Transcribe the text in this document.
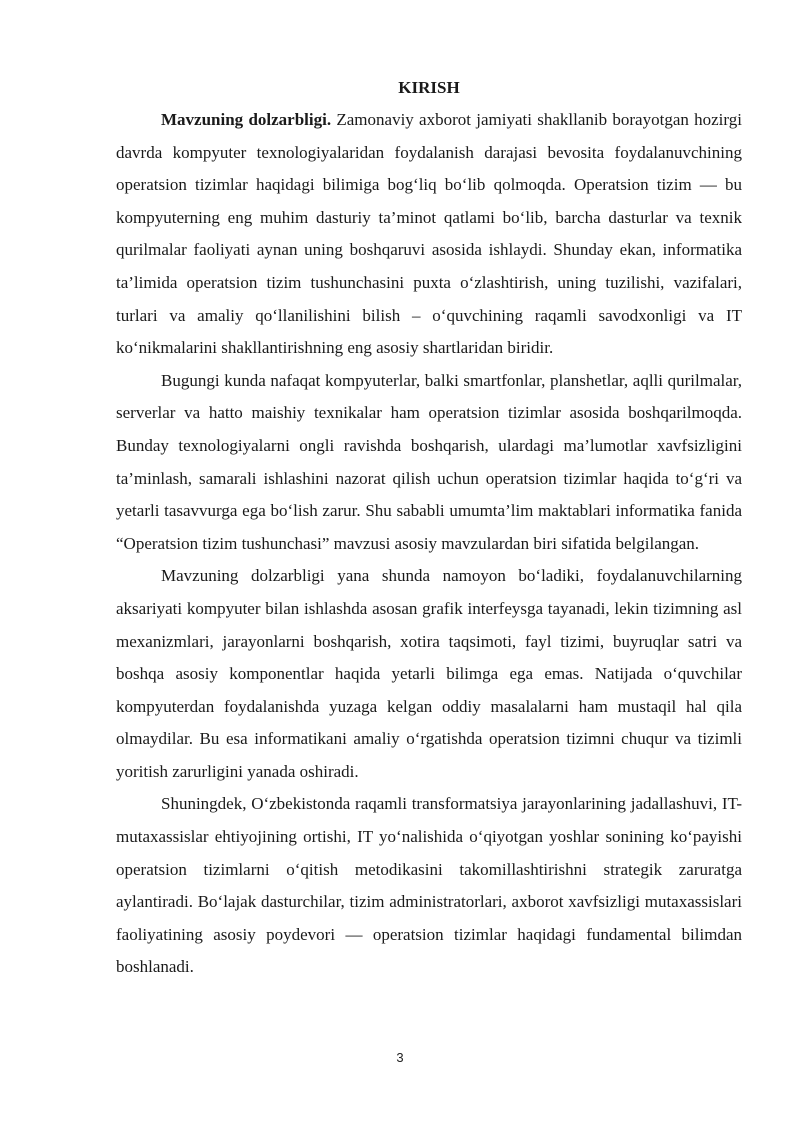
KIRISH

Mavzuning dolzarbligi. Zamonaviy axborot jamiyati shakllanib borayotgan hozirgi davrda kompyuter texnologiyalaridan foydalanish darajasi bevosita foydalanuvchining operatsion tizimlar haqidagi bilimiga bog‘liq bo‘lib qolmoqda. Operatsion tizim — bu kompyuterning eng muhim dasturiy ta’minot qatlami bo‘lib, barcha dasturlar va texnik qurilmalar faoliyati aynan uning boshqaruvi asosida ishlaydi. Shunday ekan, informatika ta’limida operatsion tizim tushunchasini puxta o‘zlashtirish, uning tuzilishi, vazifalari, turlari va amaliy qo‘llanilishini bilish – o‘quvchining raqamli savodxonligi va IT ko‘nikmalarini shakllantirishning eng asosiy shartlaridan biridir.

Bugungi kunda nafaqat kompyuterlar, balki smartfonlar, planshetlar, aqlli qurilmalar, serverlar va hatto maishiy texnikalar ham operatsion tizimlar asosida boshqarilmoqda. Bunday texnologiyalarni ongli ravishda boshqarish, ulardagi ma’lumotlar xavfsizligini ta’minlash, samarali ishlashini nazorat qilish uchun operatsion tizimlar haqida to‘g‘ri va yetarli tasavvurga ega bo‘lish zarur. Shu sababli umumta’lim maktablari informatika fanida “Operatsion tizim tushunchasi” mavzusi asosiy mavzulardan biri sifatida belgilangan.

Mavzuning dolzarbligi yana shunda namoyon bo‘ladiki, foydalanuvchilarning aksariyati kompyuter bilan ishlashda asosan grafik interfeysga tayanadi, lekin tizimning asl mexanizmlari, jarayonlarni boshqarish, xotira taqsimoti, fayl tizimi, buyruqlar satri va boshqa asosiy komponentlar haqida yetarli bilimga ega emas. Natijada o‘quvchilar kompyuterdan foydalanishda yuzaga kelgan oddiy masalalarni ham mustaqil hal qila olmaydilar. Bu esa informatikani amaliy o‘rgatishda operatsion tizimni chuqur va tizimli yoritish zarurligini yanada oshiradi.

Shuningdek, O‘zbekistonda raqamli transformatsiya jarayonlarining jadallashuvi, IT-mutaxassislar ehtiyojining ortishi, IT yo‘nalishida o‘qiyotgan yoshlar sonining ko‘payishi operatsion tizimlarni o‘qitish metodikasini takomillashtirishni strategik zaruratga aylantiradi. Bo‘lajak dasturchilar, tizim administratorlari, axborot xavfsizligi mutaxassislari faoliyatining asosiy poydevori — operatsion tizimlar haqidagi fundamental bilimdan boshlanadi.

3
